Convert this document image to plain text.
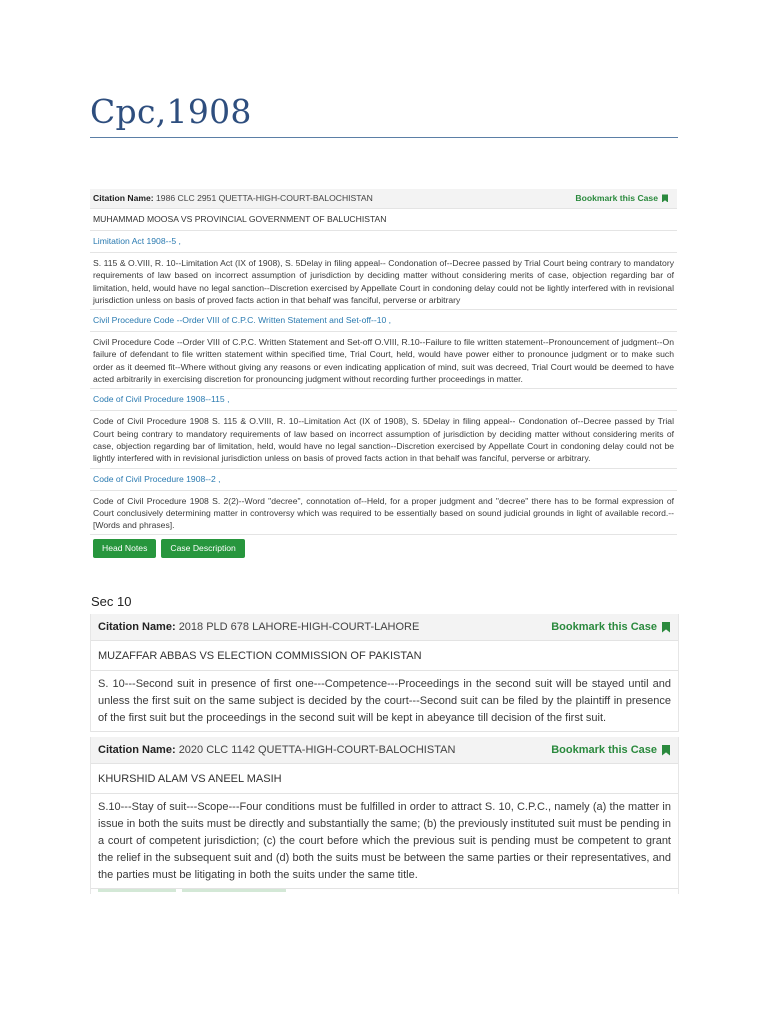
Cpc,1908
Citation Name: 1986 CLC 2951 QUETTA-HIGH-COURT-BALOCHISTAN	Bookmark this Case
MUHAMMAD MOOSA VS PROVINCIAL GOVERNMENT OF BALUCHISTAN
Limitation Act 1908--5 ,
S. 115 & O.VIII, R. 10--Limitation Act (IX of 1908), S. 5Delay in filing appeal-- Condonation of--Decree passed by Trial Court being contrary to mandatory requirements of law based on incorrect assumption of jurisdiction by deciding matter without considering merits of case, objection regarding bar of limitation, held, would have no legal sanction--Discretion exercised by Appellate Court in condoning delay could not be lightly interfered with in revisional jurisdiction unless on basis of proved facts action in that behalf was fanciful, perverse or arbitrary
Civil Procedure Code --Order VIII of C.P.C. Written Statement and Set-off--10 ,
Civil Procedure Code --Order VIII of C.P.C. Written Statement and Set-off O.VIII, R.10--Failure to file written statement--Pronouncement of judgment--On failure of defendant to file written statement within specified time, Trial Court, held, would have power either to pronounce judgment or to make such order as it deemed fit--Where without giving any reasons or even indicating application of mind, suit was decreed, Trial Court would be deemed to have acted arbitrarily in exercising discretion for pronouncing judgment without recording further proceedings in matter.
Code of Civil Procedure 1908--115 ,
Code of Civil Procedure 1908 S. 115 & O.VIII, R. 10--Limitation Act (IX of 1908), S. 5Delay in filing appeal-- Condonation of--Decree passed by Trial Court being contrary to mandatory requirements of law based on incorrect assumption of jurisdiction by deciding matter without considering merits of case, objection regarding bar of limitation, held, would have no legal sanction--Discretion exercised by Appellate Court in condoning delay could not be lightly interfered with in revisional jurisdiction unless on basis of proved facts action in that behalf was fanciful, perverse or arbitrary.
Code of Civil Procedure 1908--2 ,
Code of Civil Procedure 1908 S. 2(2)--Word "decree", connotation of--Held, for a proper judgment and "decree" there has to be formal expression of Court conclusively determining matter in controversy which was required to be essentially based on sound judicial grounds in light of available record.--[Words and phrases].
Head Notes	Case Description
Sec 10
Citation Name: 2018 PLD 678 LAHORE-HIGH-COURT-LAHORE	Bookmark this Case
MUZAFFAR ABBAS VS ELECTION COMMISSION OF PAKISTAN
S. 10---Second suit in presence of first one---Competence---Proceedings in the second suit will be stayed until and unless the first suit on the same subject is decided by the court---Second suit can be filed by the plaintiff in presence of the first suit but the proceedings in the second suit will be kept in abeyance till decision of the first suit.
Citation Name: 2020 CLC 1142 QUETTA-HIGH-COURT-BALOCHISTAN	Bookmark this Case
KHURSHID ALAM VS ANEEL MASIH
S.10---Stay of suit---Scope---Four conditions must be fulfilled in order to attract S. 10, C.P.C., namely (a) the matter in issue in both the suits must be directly and substantially the same; (b) the previously instituted suit must be pending in a court of competent jurisdiction; (c) the court before which the previous suit is pending must be competent to grant the relief in the subsequent suit and (d) both the suits must be between the same parties or their representatives, and the parties must be litigating in both the suits under the same title.
